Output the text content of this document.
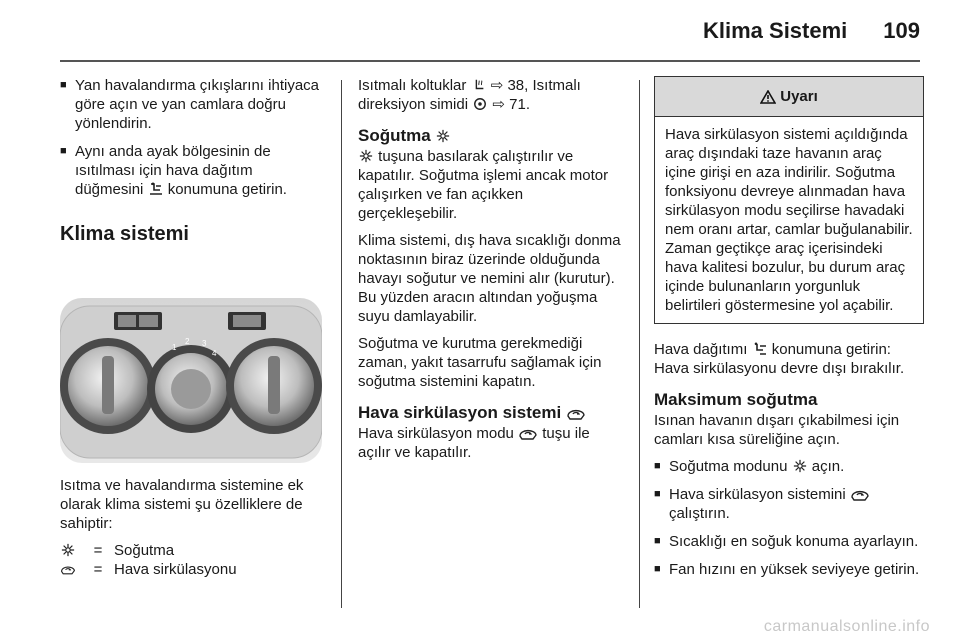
Klima Sistemi 109
■ Yan havalandırma çıkışlarını ihtiyaca göre açın ve yan camlara doğru yönlendirin.
■ Aynı anda ayak bölgesinin de ısıtılması için hava dağıtım düğmesini konumuna getirin.
Klima sistemi
1
2 3
4

Isıtma ve havalandırma sistemine ek olarak klima sistemi şu özelliklere de sahiptir:

= Soğutma
= Hava sirkülasyonu

Isıtmalı koltuklar ⇨ 38, Isıtmalı direksiyon simidi ⇨ 71.

Soğutma

tuşuna basılarak çalıştırılır ve kapatılır. Soğutma işlemi ancak motor çalışırken ve fan açıkken gerçekleşebilir.

Klima sistemi, dış hava sıcaklığı donma noktasının biraz üzerinde olduğunda havayı soğutur ve nemini alır (kurutur). Bu yüzden aracın altından yoğuşma suyu damlayabilir.

Soğutma ve kurutma gerekmediği zaman, yakıt tasarrufu sağlamak için soğutma sistemini kapatın.

Hava sirkülasyon sistemi

Hava sirkülasyon modu tuşu ile açılır ve kapatılır.

Uyarı
Hava sirkülasyon sistemi açıldığında araç dışındaki taze havanın araç içine girişi en aza indirilir. Soğutma fonksiyonu devreye alınmadan hava sirkülasyon modu seçilirse havadaki nem oranı artar, camlar buğulanabilir. Zaman geçtikçe araç içerisindeki hava kalitesi bozulur, bu durum araç içinde bulunanların yorgunluk belirtileri göstermesine yol açabilir.

Hava dağıtımı konumuna getirin: Hava sirkülasyonu devre dışı bırakılır.

Maksimum soğutma

Isınan havanın dışarı çıkabilmesi için camları kısa süreliğine açın.

■ Soğutma modunu açın.
■ Hava sirkülasyon sistemini  çalıştırın.
■ Sıcaklığı en soğuk konuma ayarlayın.
■ Fan hızını en yüksek seviyeye getirin.
carmanualsonline.info
